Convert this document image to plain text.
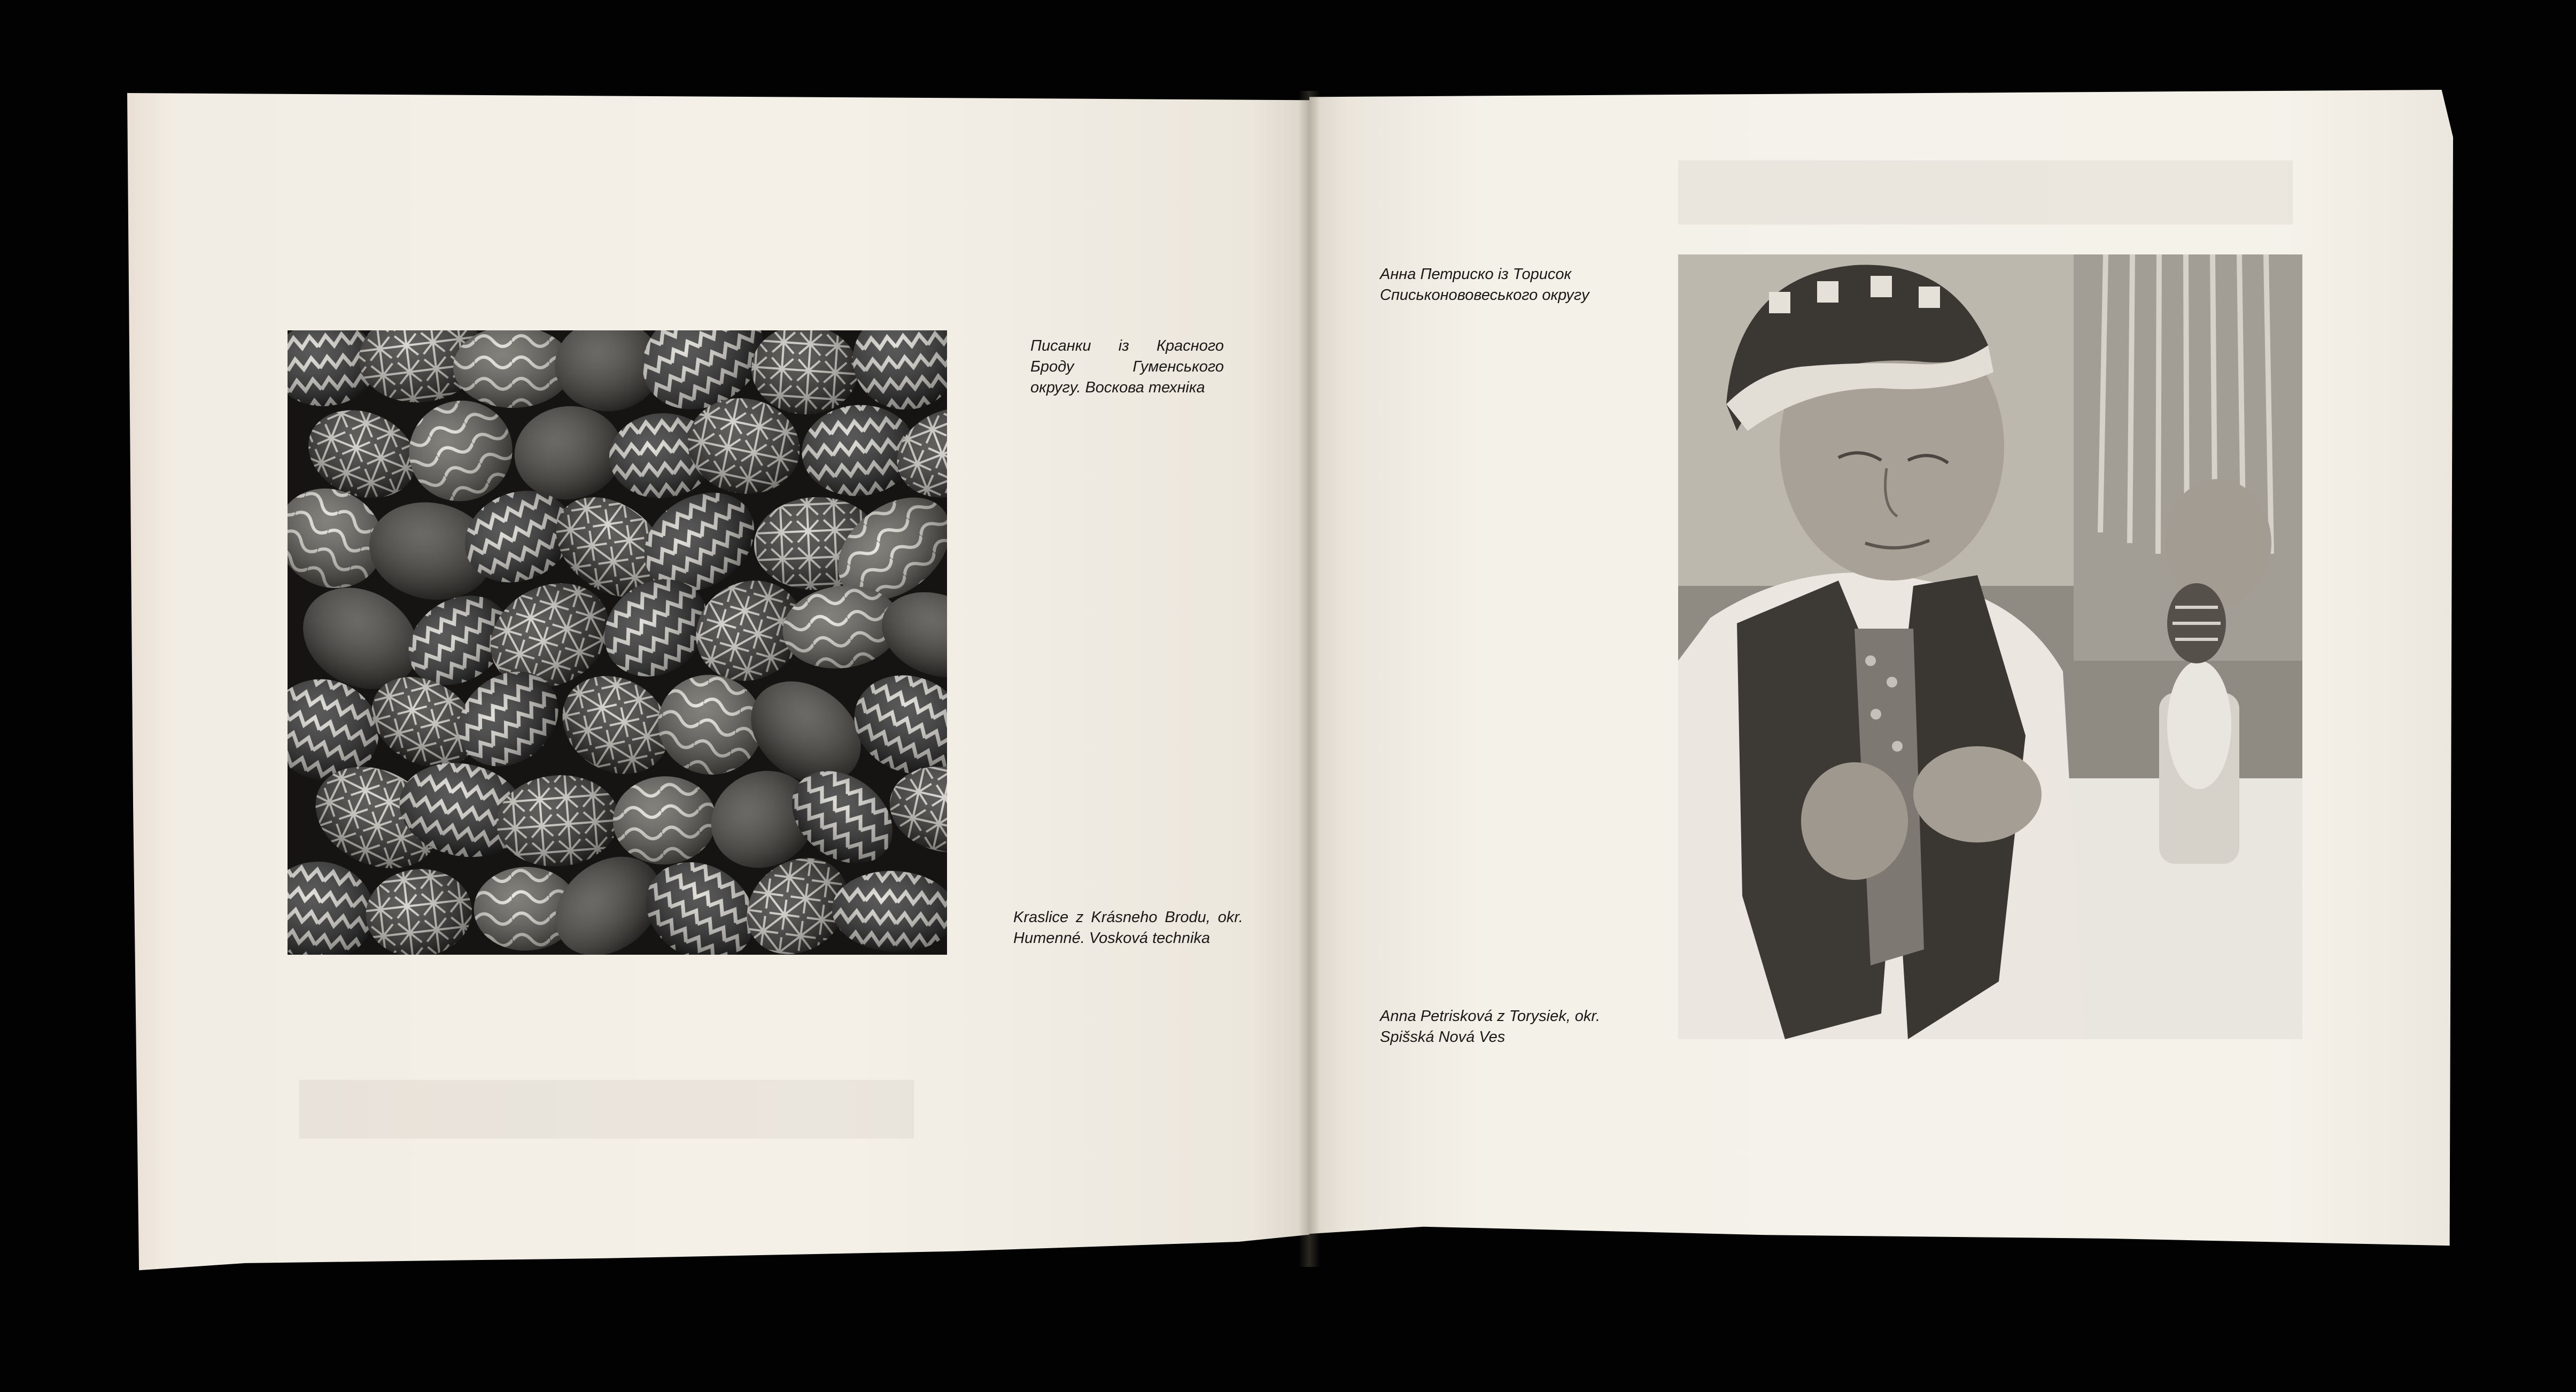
Писанки із Красного Броду Гуменського округу. Воскова техніка

Kraslice z Krásneho Brodu, okr. Humenné. Vosková technika

Анна Петриско із Торисок Списьконововеського округу

Anna Petrisková z Torysiek, okr. Spišská Nová Ves
